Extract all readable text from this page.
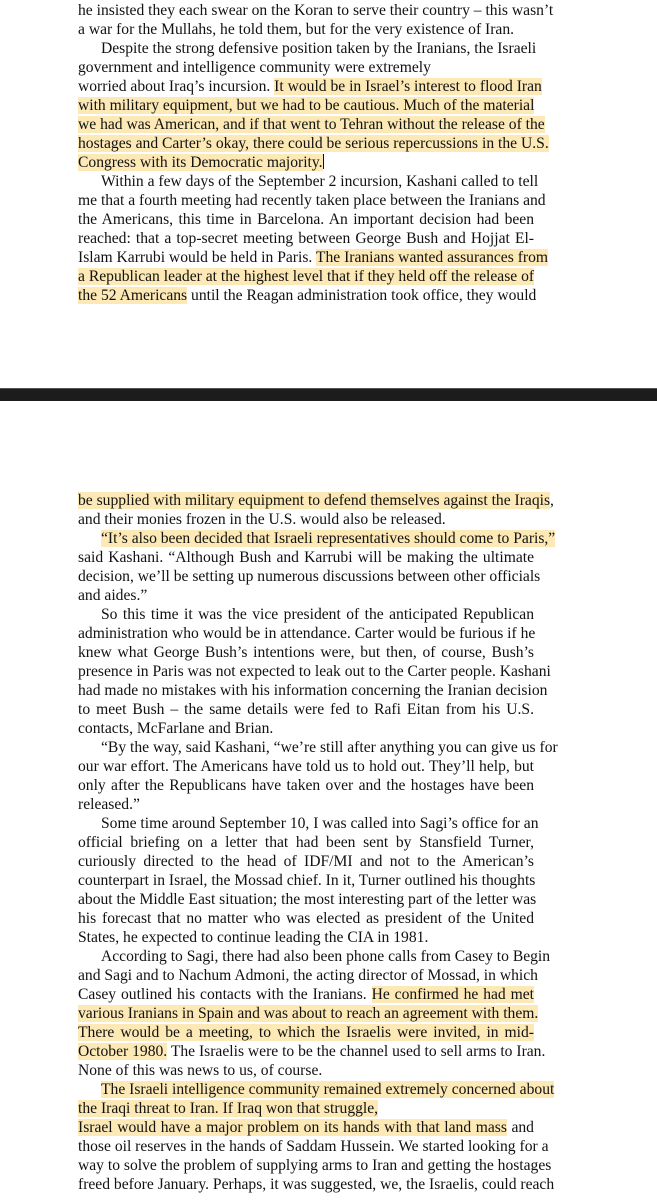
he insisted they each swear on the Koran to serve their country – this wasn’t
a war for the Mullahs, he told them, but for the very existence of Iran.
Despite the strong defensive position taken by the Iranians, the Israeli
government and intelligence community were extremely
worried about Iraq’s incursion. It would be in Israel’s interest to flood Iran
with military equipment, but we had to be cautious. Much of the material
we had was American, and if that went to Tehran without the release of the
hostages and Carter’s okay, there could be serious repercussions in the U.S.
Congress with its Democratic majority.
Within a few days of the September 2 incursion, Kashani called to tell
me that a fourth meeting had recently taken place between the Iranians and
the Americans, this time in Barcelona. An important decision had been
reached: that a top-secret meeting between George Bush and Hojjat El-
Islam Karrubi would be held in Paris. The Iranians wanted assurances from
a Republican leader at the highest level that if they held off the release of
the 52 Americans until the Reagan administration took office, they would
be supplied with military equipment to defend themselves against the Iraqis,
and their monies frozen in the U.S. would also be released.
“It’s also been decided that Israeli representatives should come to Paris,”
said Kashani. “Although Bush and Karrubi will be making the ultimate
decision, we’ll be setting up numerous discussions between other officials
and aides.”
So this time it was the vice president of the anticipated Republican
administration who would be in attendance. Carter would be furious if he
knew what George Bush’s intentions were, but then, of course, Bush’s
presence in Paris was not expected to leak out to the Carter people. Kashani
had made no mistakes with his information concerning the Iranian decision
to meet Bush – the same details were fed to Rafi Eitan from his U.S.
contacts, McFarlane and Brian.
“By the way, said Kashani, “we’re still after anything you can give us for
our war effort. The Americans have told us to hold out. They’ll help, but
only after the Republicans have taken over and the hostages have been
released.”
Some time around September 10, I was called into Sagi’s office for an
official briefing on a letter that had been sent by Stansfield Turner,
curiously directed to the head of IDF/MI and not to the American’s
counterpart in Israel, the Mossad chief. In it, Turner outlined his thoughts
about the Middle East situation; the most interesting part of the letter was
his forecast that no matter who was elected as president of the United
States, he expected to continue leading the CIA in 1981.
According to Sagi, there had also been phone calls from Casey to Begin
and Sagi and to Nachum Admoni, the acting director of Mossad, in which
Casey outlined his contacts with the Iranians. He confirmed he had met
various Iranians in Spain and was about to reach an agreement with them.
There would be a meeting, to which the Israelis were invited, in mid-
October 1980. The Israelis were to be the channel used to sell arms to Iran.
None of this was news to us, of course.
The Israeli intelligence community remained extremely concerned about
the Iraqi threat to Iran. If Iraq won that struggle,
Israel would have a major problem on its hands with that land mass and
those oil reserves in the hands of Saddam Hussein. We started looking for a
way to solve the problem of supplying arms to Iran and getting the hostages
freed before January. Perhaps, it was suggested, we, the Israelis, could reach
